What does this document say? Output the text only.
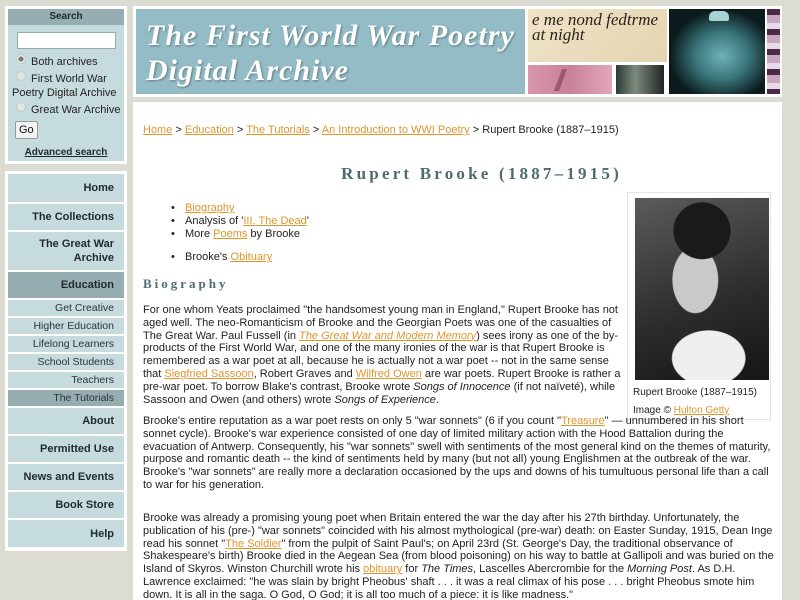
Search
Both archives
First World War Poetry Digital Archive
Great War Archive
Go
Advanced search
Home
The Collections
The Great War Archive
Education
Get Creative
Higher Education
Lifelong Learners
School Students
Teachers
The Tutorials
About
Permitted Use
News and Events
Book Store
Help
The First World War Poetry
Digital Archive
e me nond fedtrme at night
Home > Education > The Tutorials > An Introduction to WWI Poetry > Rupert Brooke (1887–1915)
Rupert Brooke (1887–1915)
• Biography
• Analysis of 'III. The Dead'
• More Poems by Brooke
• Brooke's Obituary
Biography
Rupert Brooke (1887–1915)
Image © Hulton Getty

For one whom Yeats proclaimed "the handsomest young man in England," Rupert Brooke has not aged well. The neo-Romanticism of Brooke and the Georgian Poets was one of the casualties of The Great War. Paul Fussell (in The Great War and Modern Memory) sees irony as one of the by-products of the First World War, and one of the many ironies of the war is that Rupert Brooke is remembered as a war poet at all, because he is actually not a war poet -- not in the same sense that Siegfried Sassoon, Robert Graves and Wilfred Owen are war poets. Rupert Brooke is rather a pre-war poet. To borrow Blake's contrast, Brooke wrote Songs of Innocence (if not naïveté), while Sassoon and Owen (and others) wrote Songs of Experience.

Brooke's entire reputation as a war poet rests on only 5 "war sonnets" (6 if you count "Treasure" — unnumbered in his short sonnet cycle). Brooke's war experience consisted of one day of limited military action with the Hood Battalion during the evacuation of Antwerp. Consequently, his "war sonnets" swell with sentiments of the most general kind on the themes of maturity, purpose and romantic death -- the kind of sentiments held by many (but not all) young Englishmen at the outbreak of the war. Brooke's "war sonnets" are really more a declaration occasioned by the ups and downs of his tumultuous personal life than a call to war for his generation.

Brooke was already a promising young poet when Britain entered the war the day after his 27th birthday. Unfortunately, the publication of his (pre-) "war sonnets" coincided with his almost mythological (pre-war) death: on Easter Sunday, 1915, Dean Inge read his sonnet "The Soldier" from the pulpit of Saint Paul's; on April 23rd (St. George's Day, the traditional observance of Shakespeare's birth) Brooke died in the Aegean Sea (from blood poisoning) on his way to battle at Gallipoli and was buried on the Island of Skyros. Winston Churchill wrote his obituary for The Times, Lascelles Abercrombie for the Morning Post. As D.H. Lawrence exclaimed: "he was slain by bright Pheobus' shaft . . . it was a real climax of his pose . . . bright Pheobus smote him down. It is all in the saga. O God, O God; it is all too much of a piece: it is like madness."
